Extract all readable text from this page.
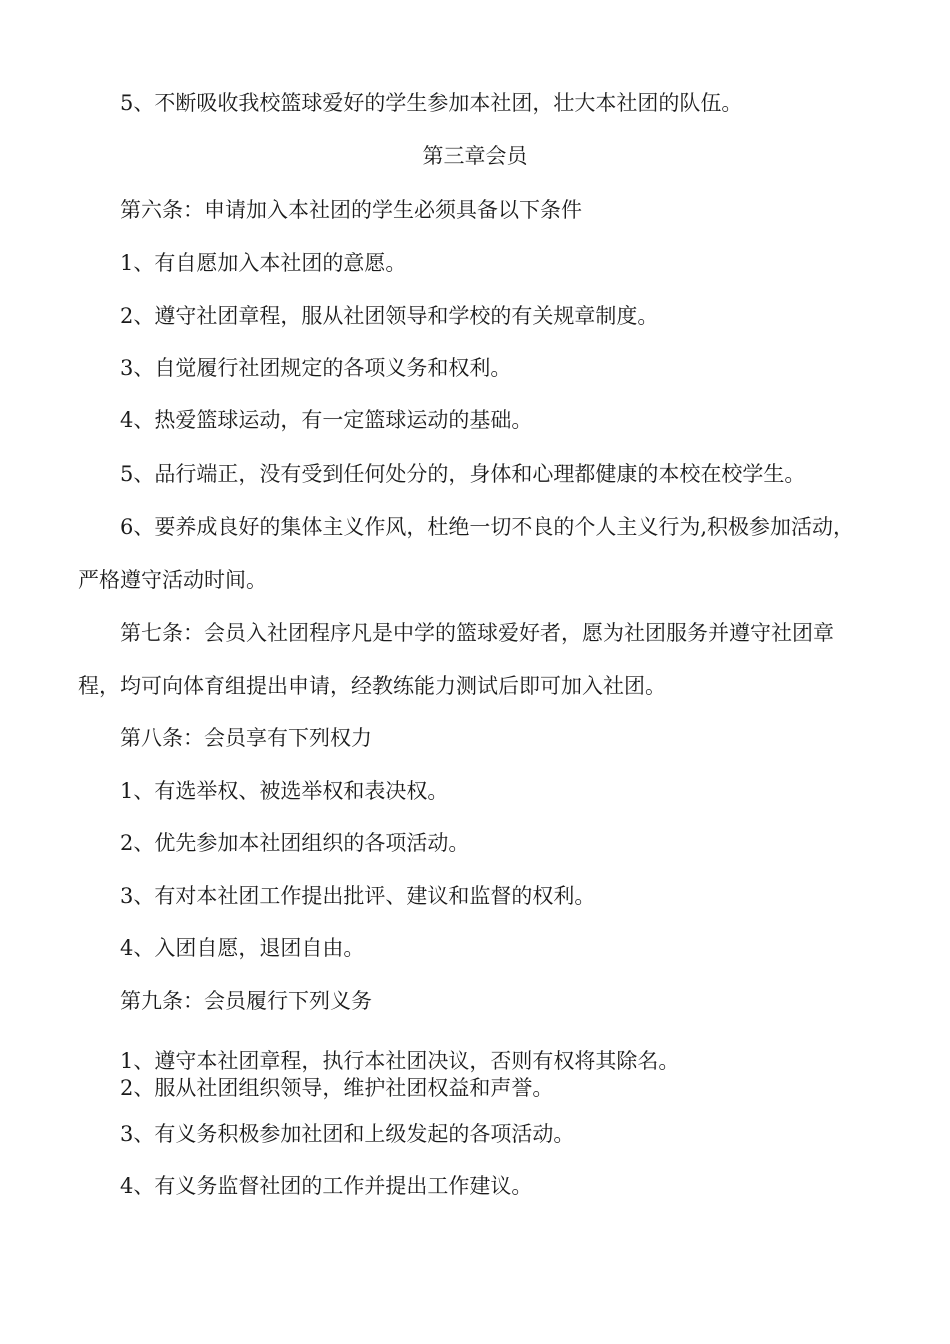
5、不断吸收我校篮球爱好的学生参加本社团，壮大本社团的队伍。
第三章会员
第六条：申请加入本社团的学生必须具备以下条件
1、有自愿加入本社团的意愿。
2、遵守社团章程，服从社团领导和学校的有关规章制度。
3、自觉履行社团规定的各项义务和权利。
4、热爱篮球运动，有一定篮球运动的基础。
5、品行端正，没有受到任何处分的，身体和心理都健康的本校在校学生。
6、要养成良好的集体主义作风，杜绝一切不良的个人主义行为,积极参加活动，
严格遵守活动时间。
第七条：会员入社团程序凡是中学的篮球爱好者，愿为社团服务并遵守社团章
程，均可向体育组提出申请，经教练能力测试后即可加入社团。
第八条：会员享有下列权力
1、有选举权、被选举权和表决权。
2、优先参加本社团组织的各项活动。
3、有对本社团工作提出批评、建议和监督的权利。
4、入团自愿，退团自由。
第九条：会员履行下列义务
1、遵守本社团章程，执行本社团决议，否则有权将其除名。
2、服从社团组织领导，维护社团权益和声誉。
3、有义务积极参加社团和上级发起的各项活动。
4、有义务监督社团的工作并提出工作建议。
